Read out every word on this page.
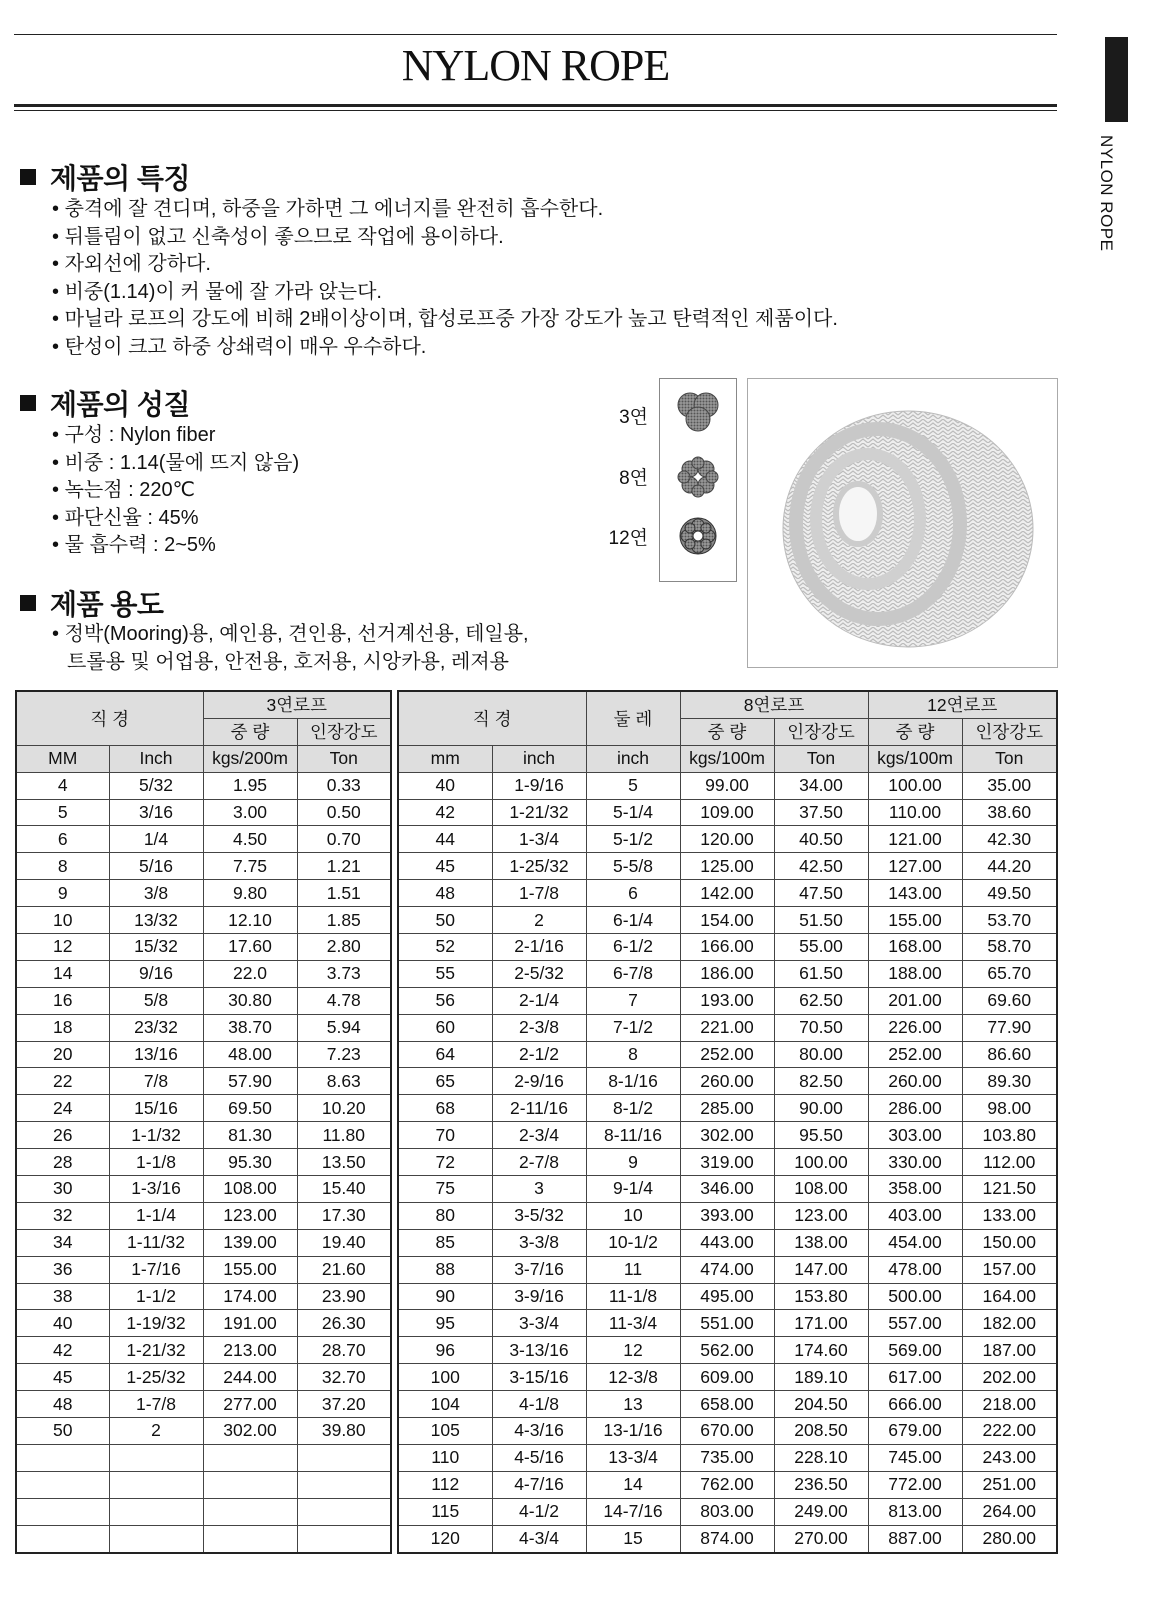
NYLON ROPE
NYLON ROPE
제품의 특징
• 충격에 잘 견디며, 하중을 가하면 그 에너지를 완전히 흡수한다.
• 뒤틀림이 없고 신축성이 좋으므로 작업에 용이하다.
• 자외선에 강하다.
• 비중(1.14)이 커 물에 잘 가라 앉는다.
• 마닐라 로프의 강도에 비해 2배이상이며, 합성로프중 가장 강도가 높고 탄력적인 제품이다.
• 탄성이 크고 하중 상쇄력이 매우 우수하다.
제품의 성질
• 구성 : Nylon fiber
• 비중 : 1.14(물에 뜨지 않음)
• 녹는점 : 220℃
• 파단신율 : 45%
• 물 흡수력 : 2~5%
제품 용도
• 정박(Mooring)용, 예인용, 견인용, 선거계선용, 테일용,
트롤용 및 어업용, 안전용, 호저용, 시앙카용, 레져용
3연
8연
12연
직 경		3연로프	
		중 량	인장강도
MM	Inch	kgs/200m	Ton
4	5/32	1.95	0.33
5	3/16	3.00	0.50
6	1/4	4.50	0.70
8	5/16	7.75	1.21
9	3/8	9.80	1.51
10	13/32	12.10	1.85
12	15/32	17.60	2.80
14	9/16	22.0	3.73
16	5/8	30.80	4.78
18	23/32	38.70	5.94
20	13/16	48.00	7.23
22	7/8	57.90	8.63
24	15/16	69.50	10.20
26	1-1/32	81.30	11.80
28	1-1/8	95.30	13.50
30	1-3/16	108.00	15.40
32	1-1/4	123.00	17.30
34	1-11/32	139.00	19.40
36	1-7/16	155.00	21.60
38	1-1/2	174.00	23.90
40	1-19/32	191.00	26.30
42	1-21/32	213.00	28.70
45	1-25/32	244.00	32.70
48	1-7/8	277.00	37.20
50	2	302.00	39.80

직 경		둘 레	8연로프		12연로프	
			중 량	인장강도	중 량	인장강도
mm	inch	inch	kgs/100m	Ton	kgs/100m	Ton
40	1-9/16	5	99.00	34.00	100.00	35.00
42	1-21/32	5-1/4	109.00	37.50	110.00	38.60
44	1-3/4	5-1/2	120.00	40.50	121.00	42.30
45	1-25/32	5-5/8	125.00	42.50	127.00	44.20
48	1-7/8	6	142.00	47.50	143.00	49.50
50	2	6-1/4	154.00	51.50	155.00	53.70
52	2-1/16	6-1/2	166.00	55.00	168.00	58.70
55	2-5/32	6-7/8	186.00	61.50	188.00	65.70
56	2-1/4	7	193.00	62.50	201.00	69.60
60	2-3/8	7-1/2	221.00	70.50	226.00	77.90
64	2-1/2	8	252.00	80.00	252.00	86.60
65	2-9/16	8-1/16	260.00	82.50	260.00	89.30
68	2-11/16	8-1/2	285.00	90.00	286.00	98.00
70	2-3/4	8-11/16	302.00	95.50	303.00	103.80
72	2-7/8	9	319.00	100.00	330.00	112.00
75	3	9-1/4	346.00	108.00	358.00	121.50
80	3-5/32	10	393.00	123.00	403.00	133.00
85	3-3/8	10-1/2	443.00	138.00	454.00	150.00
88	3-7/16	11	474.00	147.00	478.00	157.00
90	3-9/16	11-1/8	495.00	153.80	500.00	164.00
95	3-3/4	11-3/4	551.00	171.00	557.00	182.00
96	3-13/16	12	562.00	174.60	569.00	187.00
100	3-15/16	12-3/8	609.00	189.10	617.00	202.00
104	4-1/8	13	658.00	204.50	666.00	218.00
105	4-3/16	13-1/16	670.00	208.50	679.00	222.00
110	4-5/16	13-3/4	735.00	228.10	745.00	243.00
112	4-7/16	14	762.00	236.50	772.00	251.00
115	4-1/2	14-7/16	803.00	249.00	813.00	264.00
120	4-3/4	15	874.00	270.00	887.00	280.00
